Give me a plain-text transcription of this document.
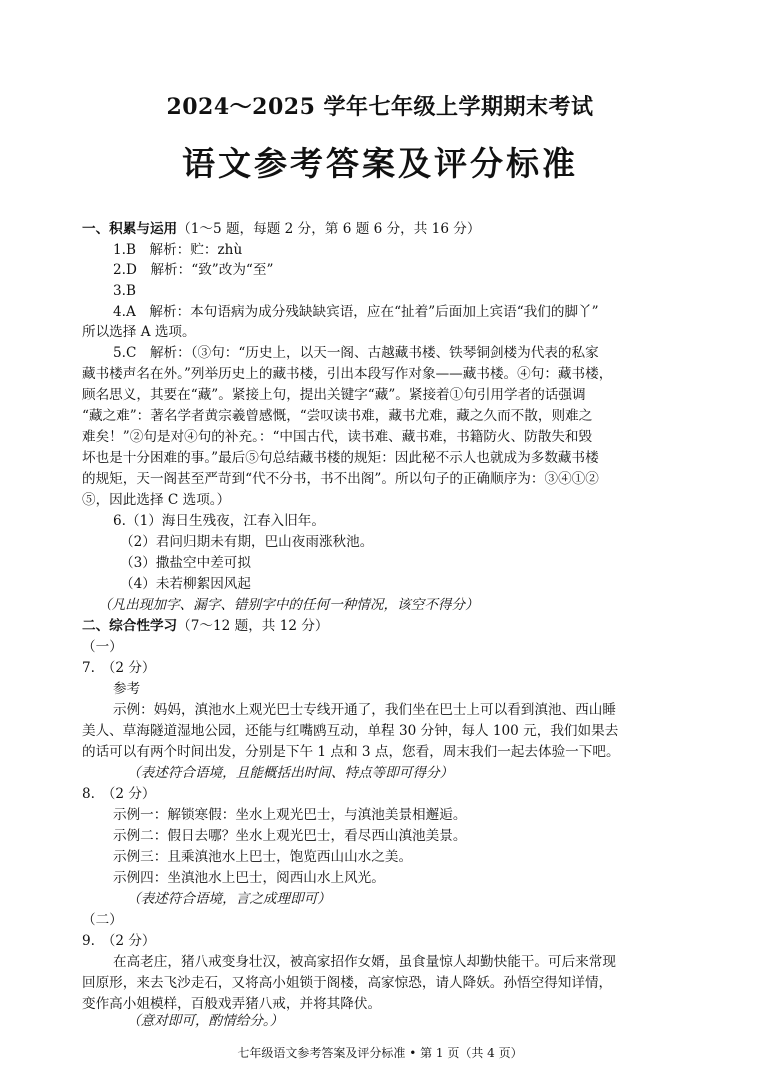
2024～2025 学年七年级上学期期末考试
语文参考答案及评分标准
一、积累与运用（1～5 题，每题 2 分，第 6 题 6 分，共 16 分）
1.B　解析：贮：zhù
2.D　解析：“致”改为“至”
3.B
4.A　解析：本句语病为成分残缺缺宾语，应在“扯着”后面加上宾语“我们的脚丫”
所以选择 A 选项。
5.C　解析：（③句：“历史上，以天一阁、古越藏书楼、铁琴铜剑楼为代表的私家
藏书楼声名在外。”列举历史上的藏书楼，引出本段写作对象——藏书楼。④句：藏书楼，
顾名思义，其要在“藏”。紧接上句，提出关键字“藏”。紧接着①句引用学者的话强调
“藏之难”：著名学者黄宗羲曾感慨，“尝叹读书难，藏书尤难，藏之久而不散，则难之
难矣！”②句是对④句的补充。：“中国古代，读书难、藏书难，书籍防火、防散失和毁
坏也是十分困难的事。”最后⑤句总结藏书楼的规矩：因此秘不示人也就成为多数藏书楼
的规矩，天一阁甚至严苛到“代不分书，书不出阁”。所以句子的正确顺序为：③④①②
⑤，因此选择 C 选项。）
6.（1）海日生残夜，江春入旧年。
（2）君问归期未有期，巴山夜雨涨秋池。
（3）撒盐空中差可拟
（4）未若柳絮因风起
（凡出现加字、漏字、错别字中的任何一种情况，该空不得分）
二、综合性学习（7～12 题，共 12 分）
（一）
7.　（2 分）
参考
示例：妈妈，滇池水上观光巴士专线开通了，我们坐在巴士上可以看到滇池、西山睡
美人、草海隧道湿地公园，还能与红嘴鸥互动，单程 30 分钟，每人 100 元，我们如果去
的话可以有两个时间出发，分别是下午 1 点和 3 点，您看，周末我们一起去体验一下吧。
（表述符合语境，且能概括出时间、特点等即可得分）
8.　（2 分）
示例一：解锁寒假：坐水上观光巴士，与滇池美景相邂逅。
示例二：假日去哪？坐水上观光巴士，看尽西山滇池美景。
示例三：且乘滇池水上巴士，饱览西山山水之美。
示例四：坐滇池水上巴士，阅西山水上风光。
（表述符合语境，言之成理即可）
（二）
9.　（2 分）
在高老庄，猪八戒变身壮汉，被高家招作女婿，虽食量惊人却勤快能干。可后来常现
回原形，来去飞沙走石，又将高小姐锁于阁楼，高家惊恐，请人降妖。孙悟空得知详情，
变作高小姐模样，百般戏弄猪八戒，并将其降伏。
（意对即可，酌情给分。）
七年级语文参考答案及评分标准 • 第 1 页（共 4 页）
